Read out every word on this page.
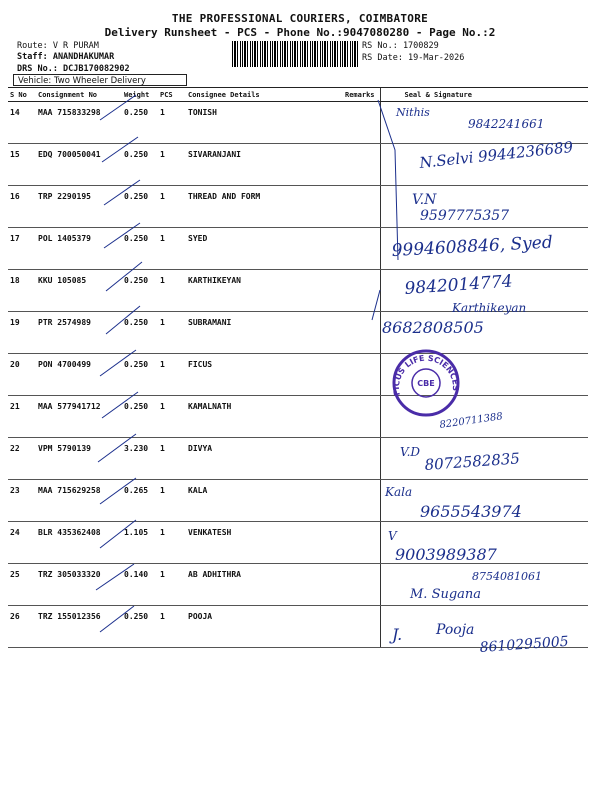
THE PROFESSIONAL COURIERS, COIMBATORE
Delivery Runsheet - PCS - Phone No.:9047080280 - Page No.:2
Route: V R PURAM
Staff: ANANDHAKUMAR
DRS No.: DCJB170082902
RS No.: 1700829
RS Date: 19-Mar-2026
Vehicle: Two Wheeler Delivery
S No	Consignment No	Weight	PCS	Consignee Details	Remarks	Seal & Signature
14	MAA 715833298	0.250	1	TONISH		
15	EDQ 700050041	0.250	1	SIVARANJANI		
16	TRP 2290195	0.250	1	THREAD AND FORM		
17	POL 1405379	0.250	1	SYED		
18	KKU 105085	0.250	1	KARTHIKEYAN		
19	PTR 2574989	0.250	1	SUBRAMANI		
20	PON 4700499	0.250	1	FICUS		
21	MAA 577941712	0.250	1	KAMALNATH		
22	VPM 5790139	3.230	1	DIVYA		
23	MAA 715629258	0.265	1	KALA		
24	BLR 435362408	1.105	1	VENKATESH		
25	TRZ 305033320	0.140	1	AB ADHITHRA		
26	TRZ 155012356	0.250	1	POOJA		
Nithis
9842241661
N.Selvi 9944236689
V.N
9597775357
9994608846, Syed
9842014774
Karthikeyan
8682808505
8220711388
V.D 8072582835
Kala
9655543974
V
9003989387
8754081061
M. Sugana
J. Pooja
8610295005
FICUS LIFE SCIENCES
CBE
